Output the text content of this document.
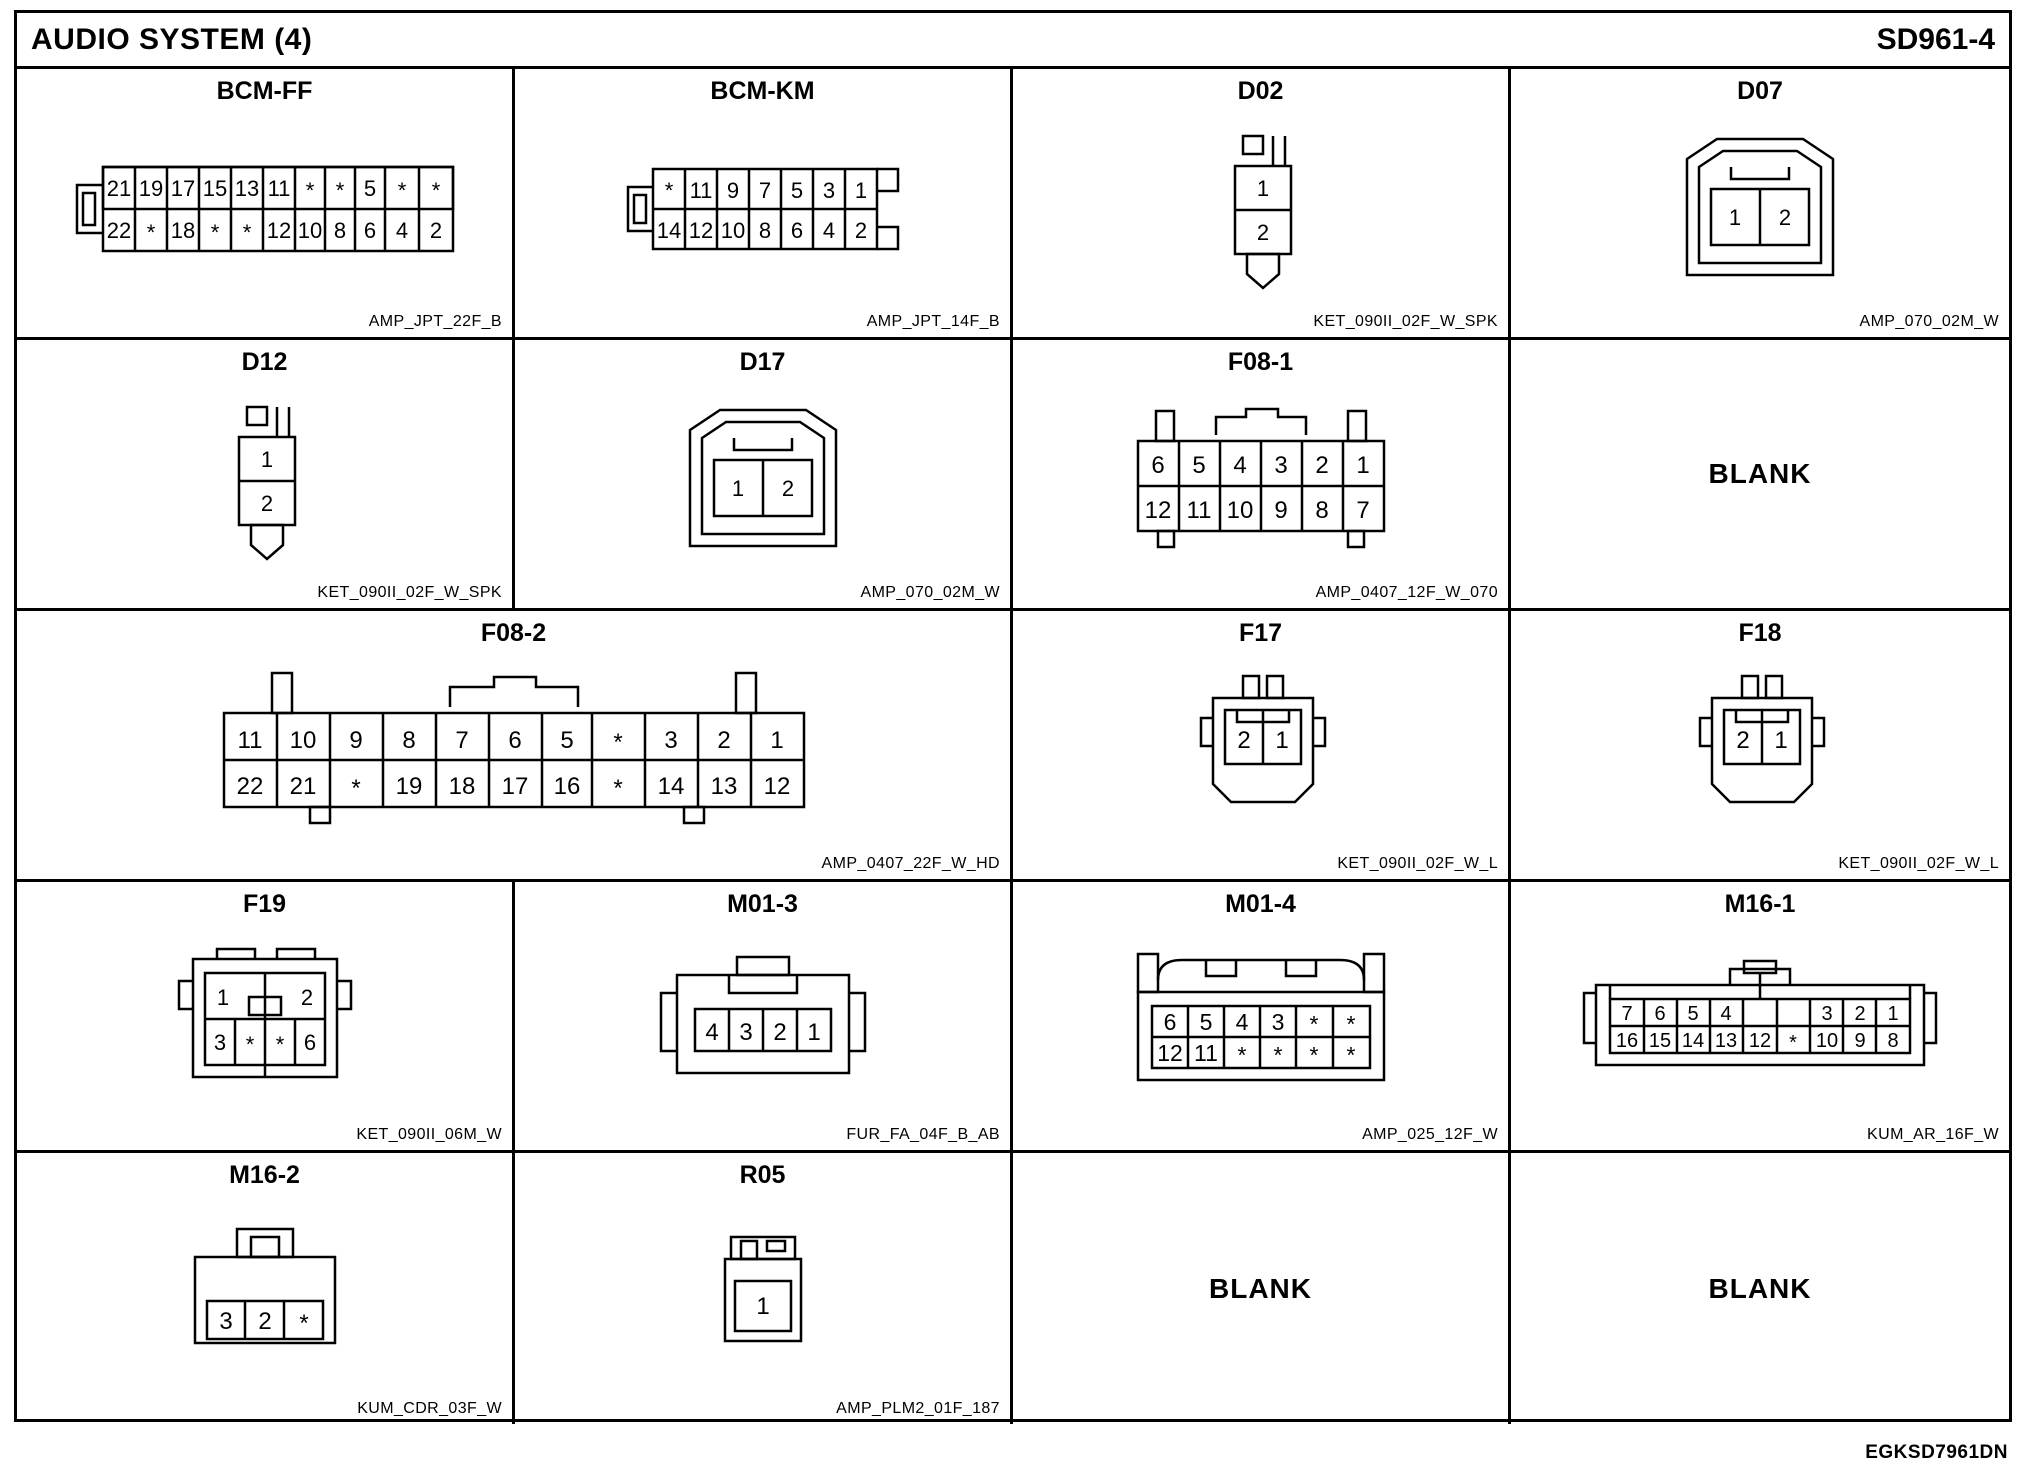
AUDIO SYSTEM (4)	SD961-4
BCM-FF
21 19 17 15 13 11 * * 5 * *
22 * 18 * * 12 10 8 6 4 2
AMP_JPT_22F_B
BCM-KM
* 11 9 7 5 3 1
14 12 10 8 6 4 2
AMP_JPT_14F_B
D02
1
2
KET_090II_02F_W_SPK
D07
1 2
AMP_070_02M_W
D12
1
2
KET_090II_02F_W_SPK
D17
1 2
AMP_070_02M_W
F08-1
6 5 4 3 2 1
12 11 10 9 8 7
AMP_0407_12F_W_070
BLANK
F08-2
11 10 9 8 7 6 5 * 3 2 1
22 21 * 19 18 17 16 * 14 13 12
AMP_0407_22F_W_HD
F17
2 1
KET_090II_02F_W_L
F18
2 1
KET_090II_02F_W_L
F19
1	2
3 * * 6
KET_090II_06M_W
M01-3
4 3 2 1
FUR_FA_04F_B_AB
M01-4
6 5 4 3 * *
12 11 * * * *
AMP_025_12F_W
M16-1
7 6 5 4	3 2 1
16 15 14 13 12 * 10 9 8
KUM_AR_16F_W
M16-2
3 2 *
KUM_CDR_03F_W
R05
1
AMP_PLM2_01F_187
BLANK	BLANK
EGKSD7961DN
